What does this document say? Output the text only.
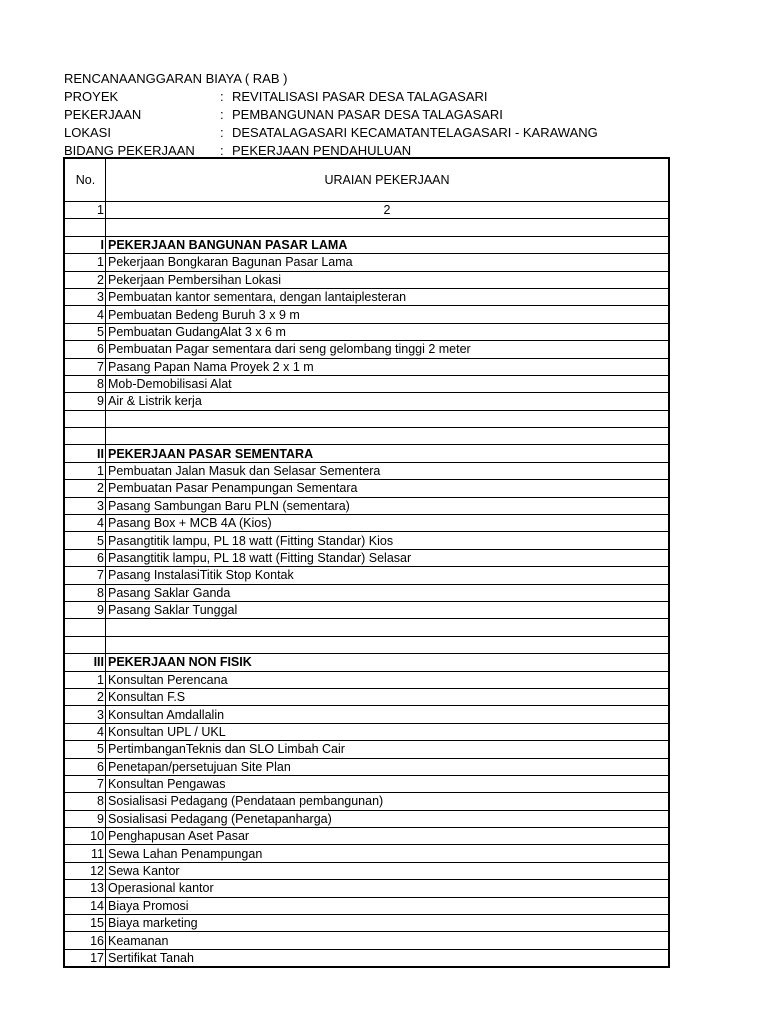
RENCANAANGGARAN BIAYA ( RAB )
PROYEK	: REVITALISASI PASAR DESA TALAGASARI
PEKERJAAN	: PEMBANGUNAN PASAR DESA TALAGASARI
LOKASI	: DESATALAGASARI KECAMATANTELAGASARI - KARAWANG
BIDANG PEKERJAAN : PEKERJAAN PENDAHULUAN
No.	URAIAN PEKERJAAN
1	2

I	PEKERJAAN BANGUNAN PASAR LAMA
1	Pekerjaan Bongkaran Bagunan Pasar Lama
2	Pekerjaan Pembersihan Lokasi
3	Pembuatan kantor sementara, dengan lantaiplesteran
4	Pembuatan Bedeng Buruh 3 x 9 m
5	Pembuatan GudangAlat 3 x 6 m
6	Pembuatan Pagar sementara dari seng gelombang tinggi 2 meter
7	Pasang Papan Nama Proyek 2 x 1 m
8	Mob-Demobilisasi Alat
9	Air & Listrik kerja

II	PEKERJAAN PASAR SEMENTARA
1	Pembuatan Jalan Masuk dan Selasar Sementera
2	Pembuatan Pasar Penampungan Sementara
3	Pasang Sambungan Baru PLN (sementara)
4	Pasang Box + MCB 4A (Kios)
5	Pasangtitik lampu, PL 18 watt (Fitting Standar) Kios
6	Pasangtitik lampu, PL 18 watt (Fitting Standar) Selasar
7	Pasang InstalasiTitik Stop Kontak
8	Pasang Saklar Ganda
9	Pasang Saklar Tunggal

III	PEKERJAAN NON FISIK
1	Konsultan Perencana
2	Konsultan F.S
3	Konsultan Amdallalin
4	Konsultan UPL / UKL
5	PertimbanganTeknis dan SLO Limbah Cair
6	Penetapan/persetujuan Site Plan
7	Konsultan Pengawas
8	Sosialisasi Pedagang (Pendataan pembangunan)
9	Sosialisasi Pedagang (Penetapanharga)
10	Penghapusan Aset Pasar
11	Sewa Lahan Penampungan
12	Sewa Kantor
13	Operasional kantor
14	Biaya Promosi
15	Biaya marketing
16	Keamanan
17	Sertifikat Tanah
